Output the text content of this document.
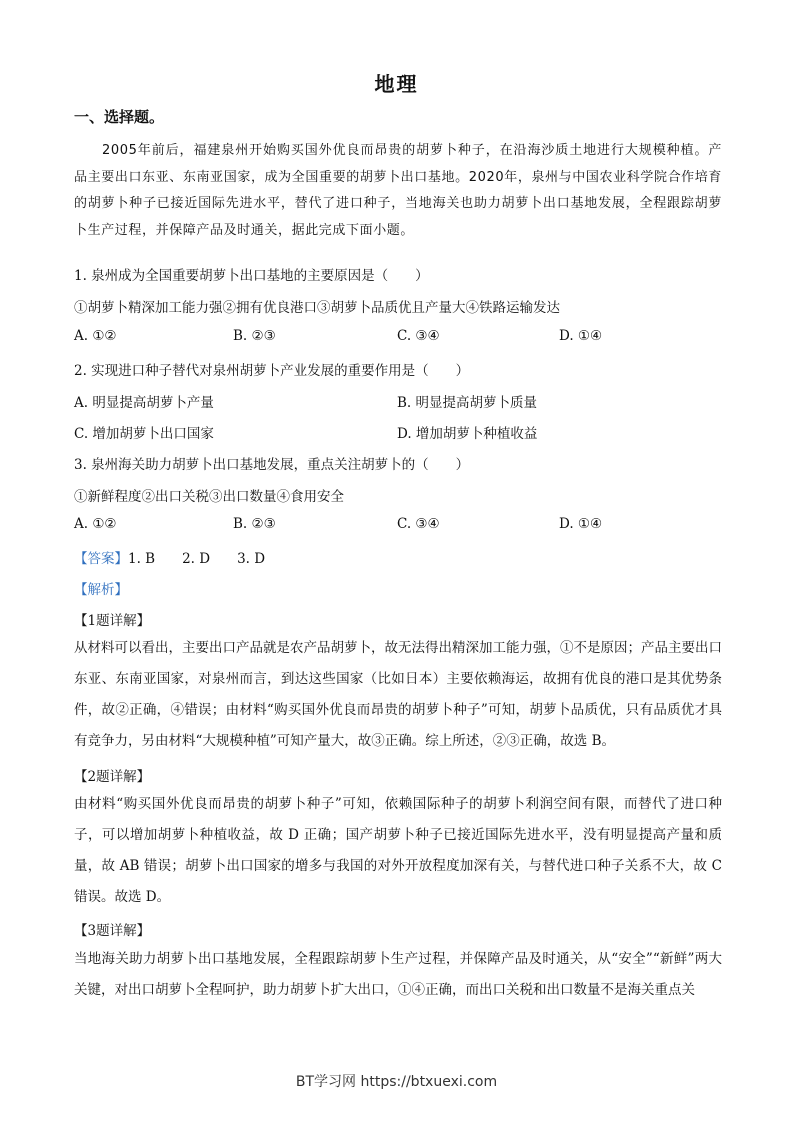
地理
一、选择题。
2005年前后，福建泉州开始购买国外优良而昂贵的胡萝卜种子，在沿海沙质土地进行大规模种植。产品主要出口东亚、东南亚国家，成为全国重要的胡萝卜出口基地。2020年，泉州与中国农业科学院合作培育的胡萝卜种子已接近国际先进水平，替代了进口种子，当地海关也助力胡萝卜出口基地发展，全程跟踪胡萝卜生产过程，并保障产品及时通关，据此完成下面小题。
1. 泉州成为全国重要胡萝卜出口基地的主要原因是（　　）
①胡萝卜精深加工能力强②拥有优良港口③胡萝卜品质优且产量大④铁路运输发达
A. ①②	B. ②③	C. ③④	D. ①④
2. 实现进口种子替代对泉州胡萝卜产业发展的重要作用是（　　）
A. 明显提高胡萝卜产量	B. 明显提高胡萝卜质量
C. 增加胡萝卜出口国家	D. 增加胡萝卜种植收益
3. 泉州海关助力胡萝卜出口基地发展，重点关注胡萝卜的（　　）
①新鲜程度②出口关税③出口数量④食用安全
A. ①②	B. ②③	C. ③④	D. ①④
【答案】1. B　　2. D　　3. D
【解析】
【1题详解】
从材料可以看出，主要出口产品就是农产品胡萝卜，故无法得出精深加工能力强，①不是原因；产品主要出口东亚、东南亚国家，对泉州而言，到达这些国家（比如日本）主要依赖海运，故拥有优良的港口是其优势条件，故②正确，④错误；由材料“购买国外优良而昂贵的胡萝卜种子”可知，胡萝卜品质优，只有品质优才具有竞争力，另由材料“大规模种植”可知产量大，故③正确。综上所述，②③正确，故选 B。
【2题详解】
由材料“购买国外优良而昂贵的胡萝卜种子”可知，依赖国际种子的胡萝卜利润空间有限，而替代了进口种子，可以增加胡萝卜种植收益，故 D 正确；国产胡萝卜种子已接近国际先进水平，没有明显提高产量和质量，故 AB 错误；胡萝卜出口国家的增多与我国的对外开放程度加深有关，与替代进口种子关系不大，故 C 错误。故选 D。
【3题详解】
当地海关助力胡萝卜出口基地发展，全程跟踪胡萝卜生产过程，并保障产品及时通关，从“安全”“新鲜”两大关键，对出口胡萝卜全程呵护，助力胡萝卜扩大出口，①④正确，而出口关税和出口数量不是海关重点关
BT学习网 https://btxuexi.com
